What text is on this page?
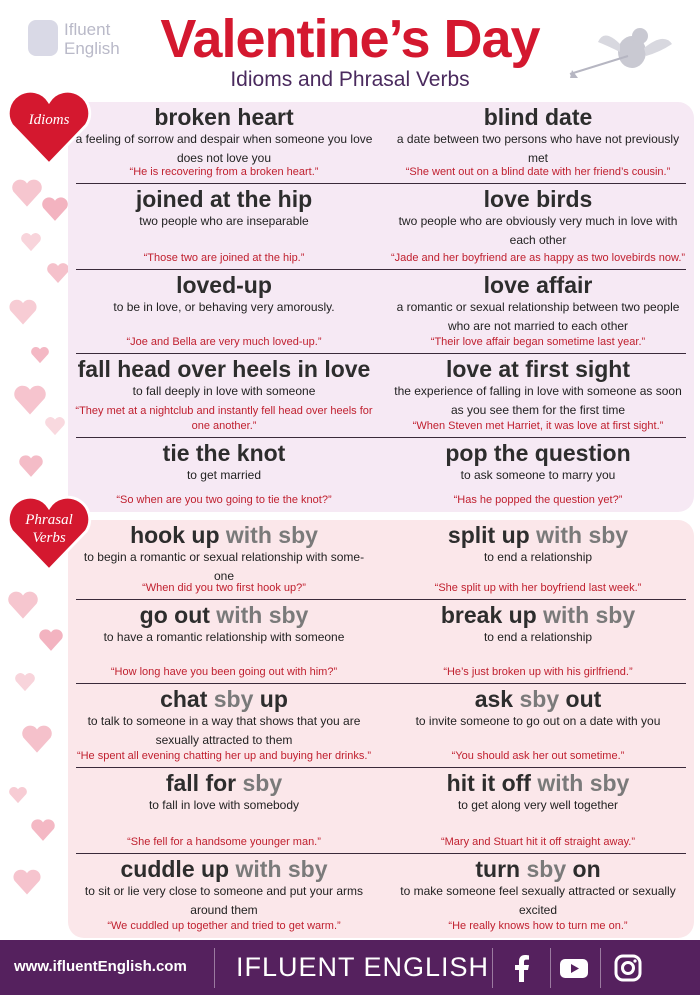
Ifluent
English Valentine’s Day
Idioms and Phrasal Verbs
broken heart
a feeling of sorrow and despair when someone you love does not love you
“He is recovering from a broken heart.”
blind date
a date between two persons who have not previously met
“She went out on a blind date with her friend’s cousin.”
joined at the hip
two people who are inseparable
“Those two are joined at the hip.”
love birds
two people who are obviously very much in love with each other
“Jade and her boyfriend are as happy as two lovebirds now.”
loved-up
to be in love, or behaving very amorously.
“Joe and Bella are very much loved-up.”
love affair
a romantic or sexual relationship between two people who are not married to each other
“Their love affair began sometime last year.”
fall head over heels in love
to fall deeply in love with someone
“They met at a nightclub and instantly fell head over heels for one another.”
love at first sight
the experience of falling in love with someone as soon as you see them for the first time
“When Steven met Harriet, it was love at first sight.”
tie the knot
to get married
“So when are you two going to tie the knot?”
pop the question
to ask someone to marry you
“Has he popped the question yet?”
Idioms
hook up with sby
to begin a romantic or sexual relationship with some-one
“When did you two first hook up?”
split up with sby
to end a relationship
“She split up with her boyfriend last week.”
go out with sby
to have a romantic relationship with someone
“How long have you been going out with him?”
break up with sby
to end a relationship
“He’s just broken up with his girlfriend.”
chat sby up
to talk to someone in a way that shows that you are sexually attracted to them
“He spent all evening chatting her up and buying her drinks.”
ask sby out
to invite someone to go out on a date with you
“You should ask her out sometime.”
fall for sby
to fall in love with somebody
“She fell for a handsome younger man.”
hit it off with sby
to get along very well together
“Mary and Stuart hit it off straight away.”
cuddle up with sby
to sit or lie very close to someone and put your arms around them
“We cuddled up together and tried to get warm.”
turn sby on
to make someone feel sexually attracted or sexually excited
“He really knows how to turn me on.”
Phrasal
Verbs
www.ifluentEnglish.com IFLUENT ENGLISH
